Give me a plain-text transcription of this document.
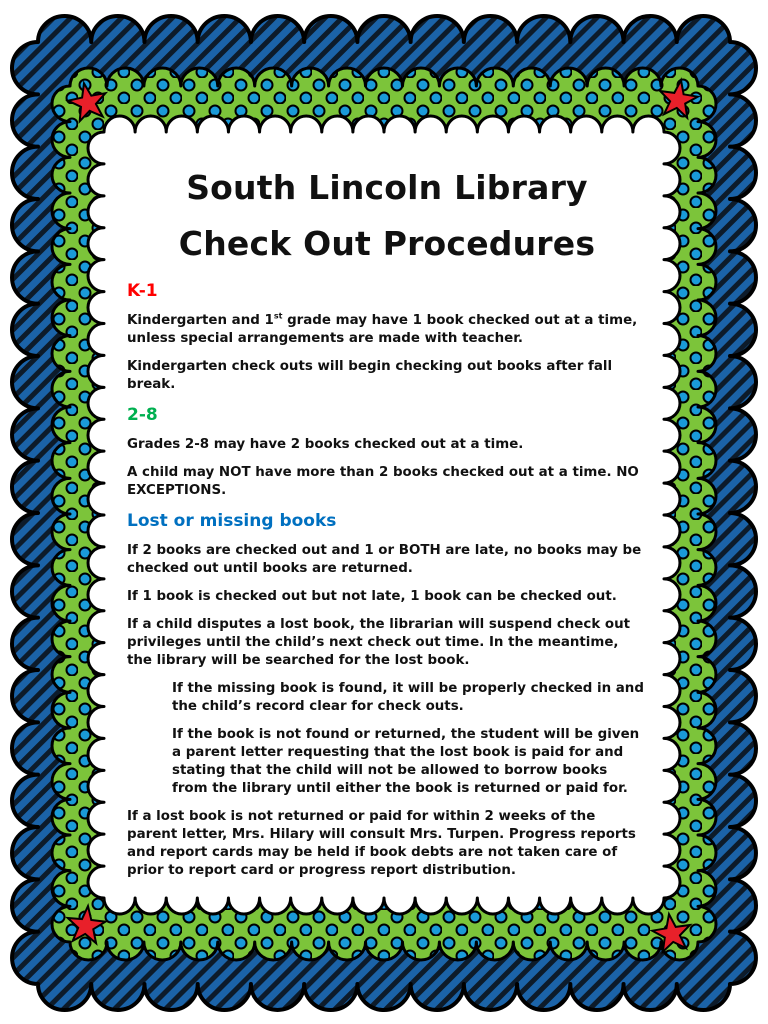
South Lincoln Library
Check Out Procedures
K-1
Kindergarten and 1st grade may have 1 book checked out at a time, unless special arrangements are made with teacher.
Kindergarten check outs will begin checking out books after fall break.
2-8
Grades 2-8 may have 2 books checked out at a time.
A child may NOT have more than 2 books checked out at a time. NO EXCEPTIONS.
Lost or missing books
If 2 books are checked out and 1 or BOTH are late, no books may be checked out until books are returned.
If 1 book is checked out but not late, 1 book can be checked out.
If a child disputes a lost book, the librarian will suspend check out privileges until the child’s next check out time. In the meantime, the library will be searched for the lost book.
If the missing book is found, it will be properly checked in and the child’s record clear for check outs.
If the book is not found or returned, the student will be given a parent letter requesting that the lost book is paid for and stating that the child will not be allowed to borrow books from the library until either the book is returned or paid for.
If a lost book is not returned or paid for within 2 weeks of the parent letter, Mrs. Hilary will consult Mrs. Turpen. Progress reports and report cards may be held if book debts are not taken care of prior to report card or progress report distribution.
